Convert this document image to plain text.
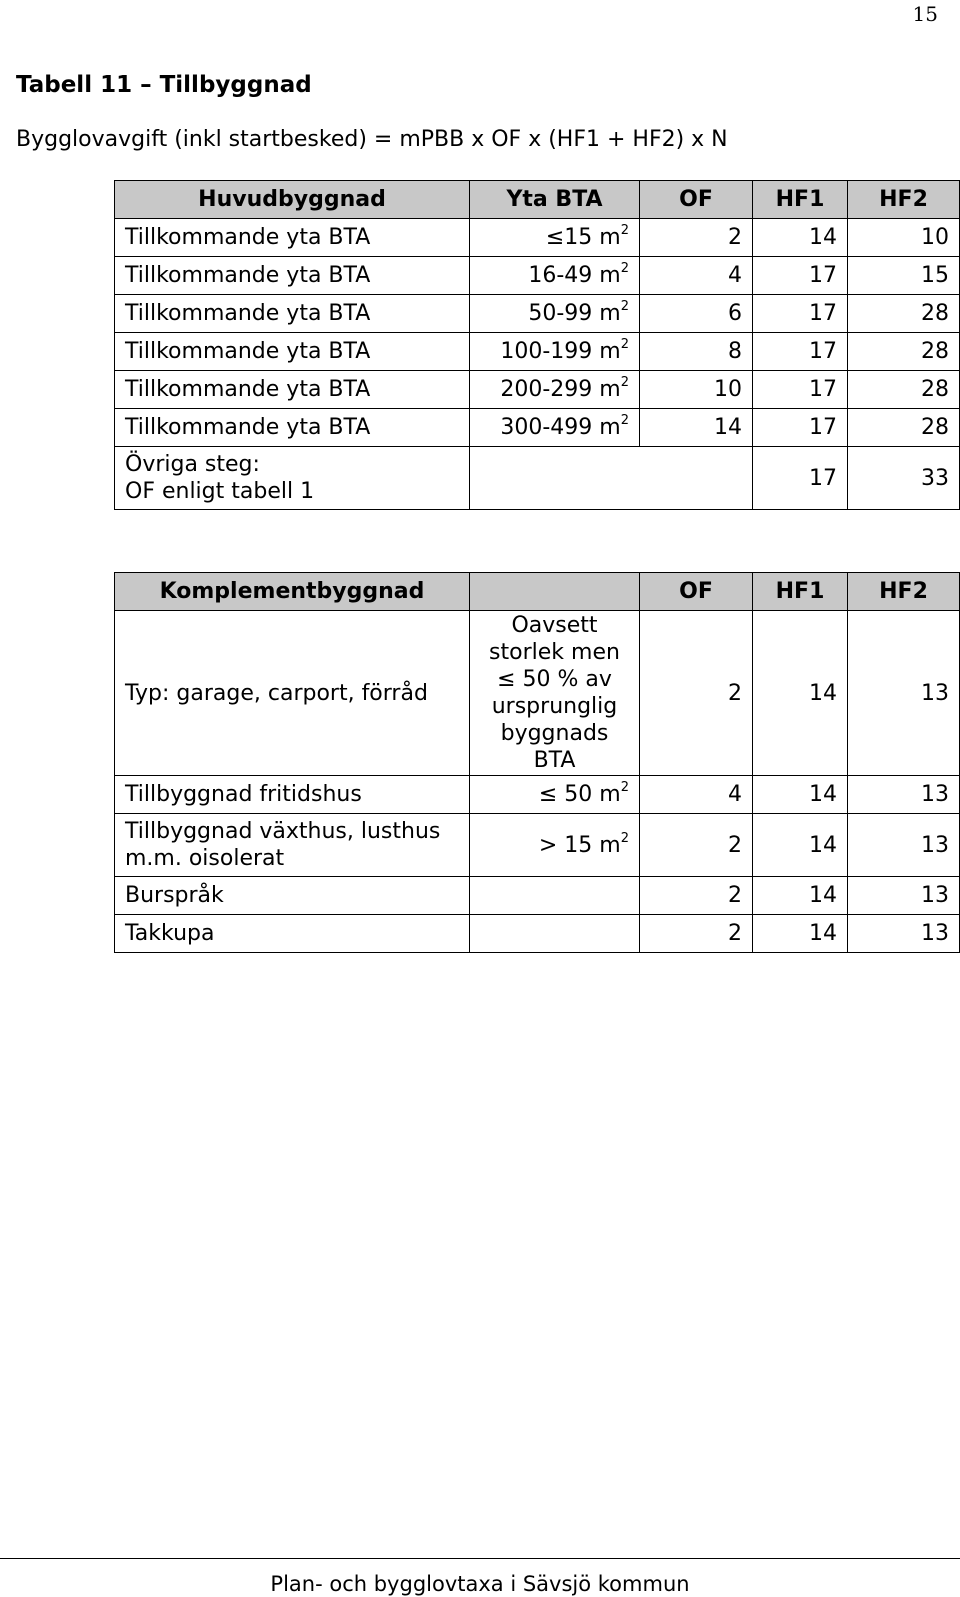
15
Tabell 11 – Tillbyggnad
Bygglovavgift (inkl startbesked) = mPBB x OF x (HF1 + HF2) x N
Huvudbyggnad	Yta BTA	OF	HF1	HF2
Tillkommande yta BTA	≤15 $m^2$	2	14	10
Tillkommande yta BTA	16-49 $m^2$	4	17	15
Tillkommande yta BTA	50-99 $m^2$	6	17	28
Tillkommande yta BTA	100-199 $m^2$	8	17	28
Tillkommande yta BTA	200-299 $m^2$	10	17	28
Tillkommande yta BTA	300-499 $m^2$	14	17	28

Övriga steg:
OF enligt tabell 1			17	33
Komplementbyggnad		OF	HF1	HF2
Typ: garage, carport, förråd	Oavsett storlek men ≤ 50 % av ursprunglig byggnads BTA	2	14	13
Tillbyggnad fritidshus	≤ 50 $m^2$	4	14	13
Tillbyggnad växthus, lusthus m.m. oisolerat	> 15 $m^2$	2	14	13
Burspråk		2	14	13
Takkupa		2	14	13
Plan- och bygglovtaxa i Sävsjö kommun
